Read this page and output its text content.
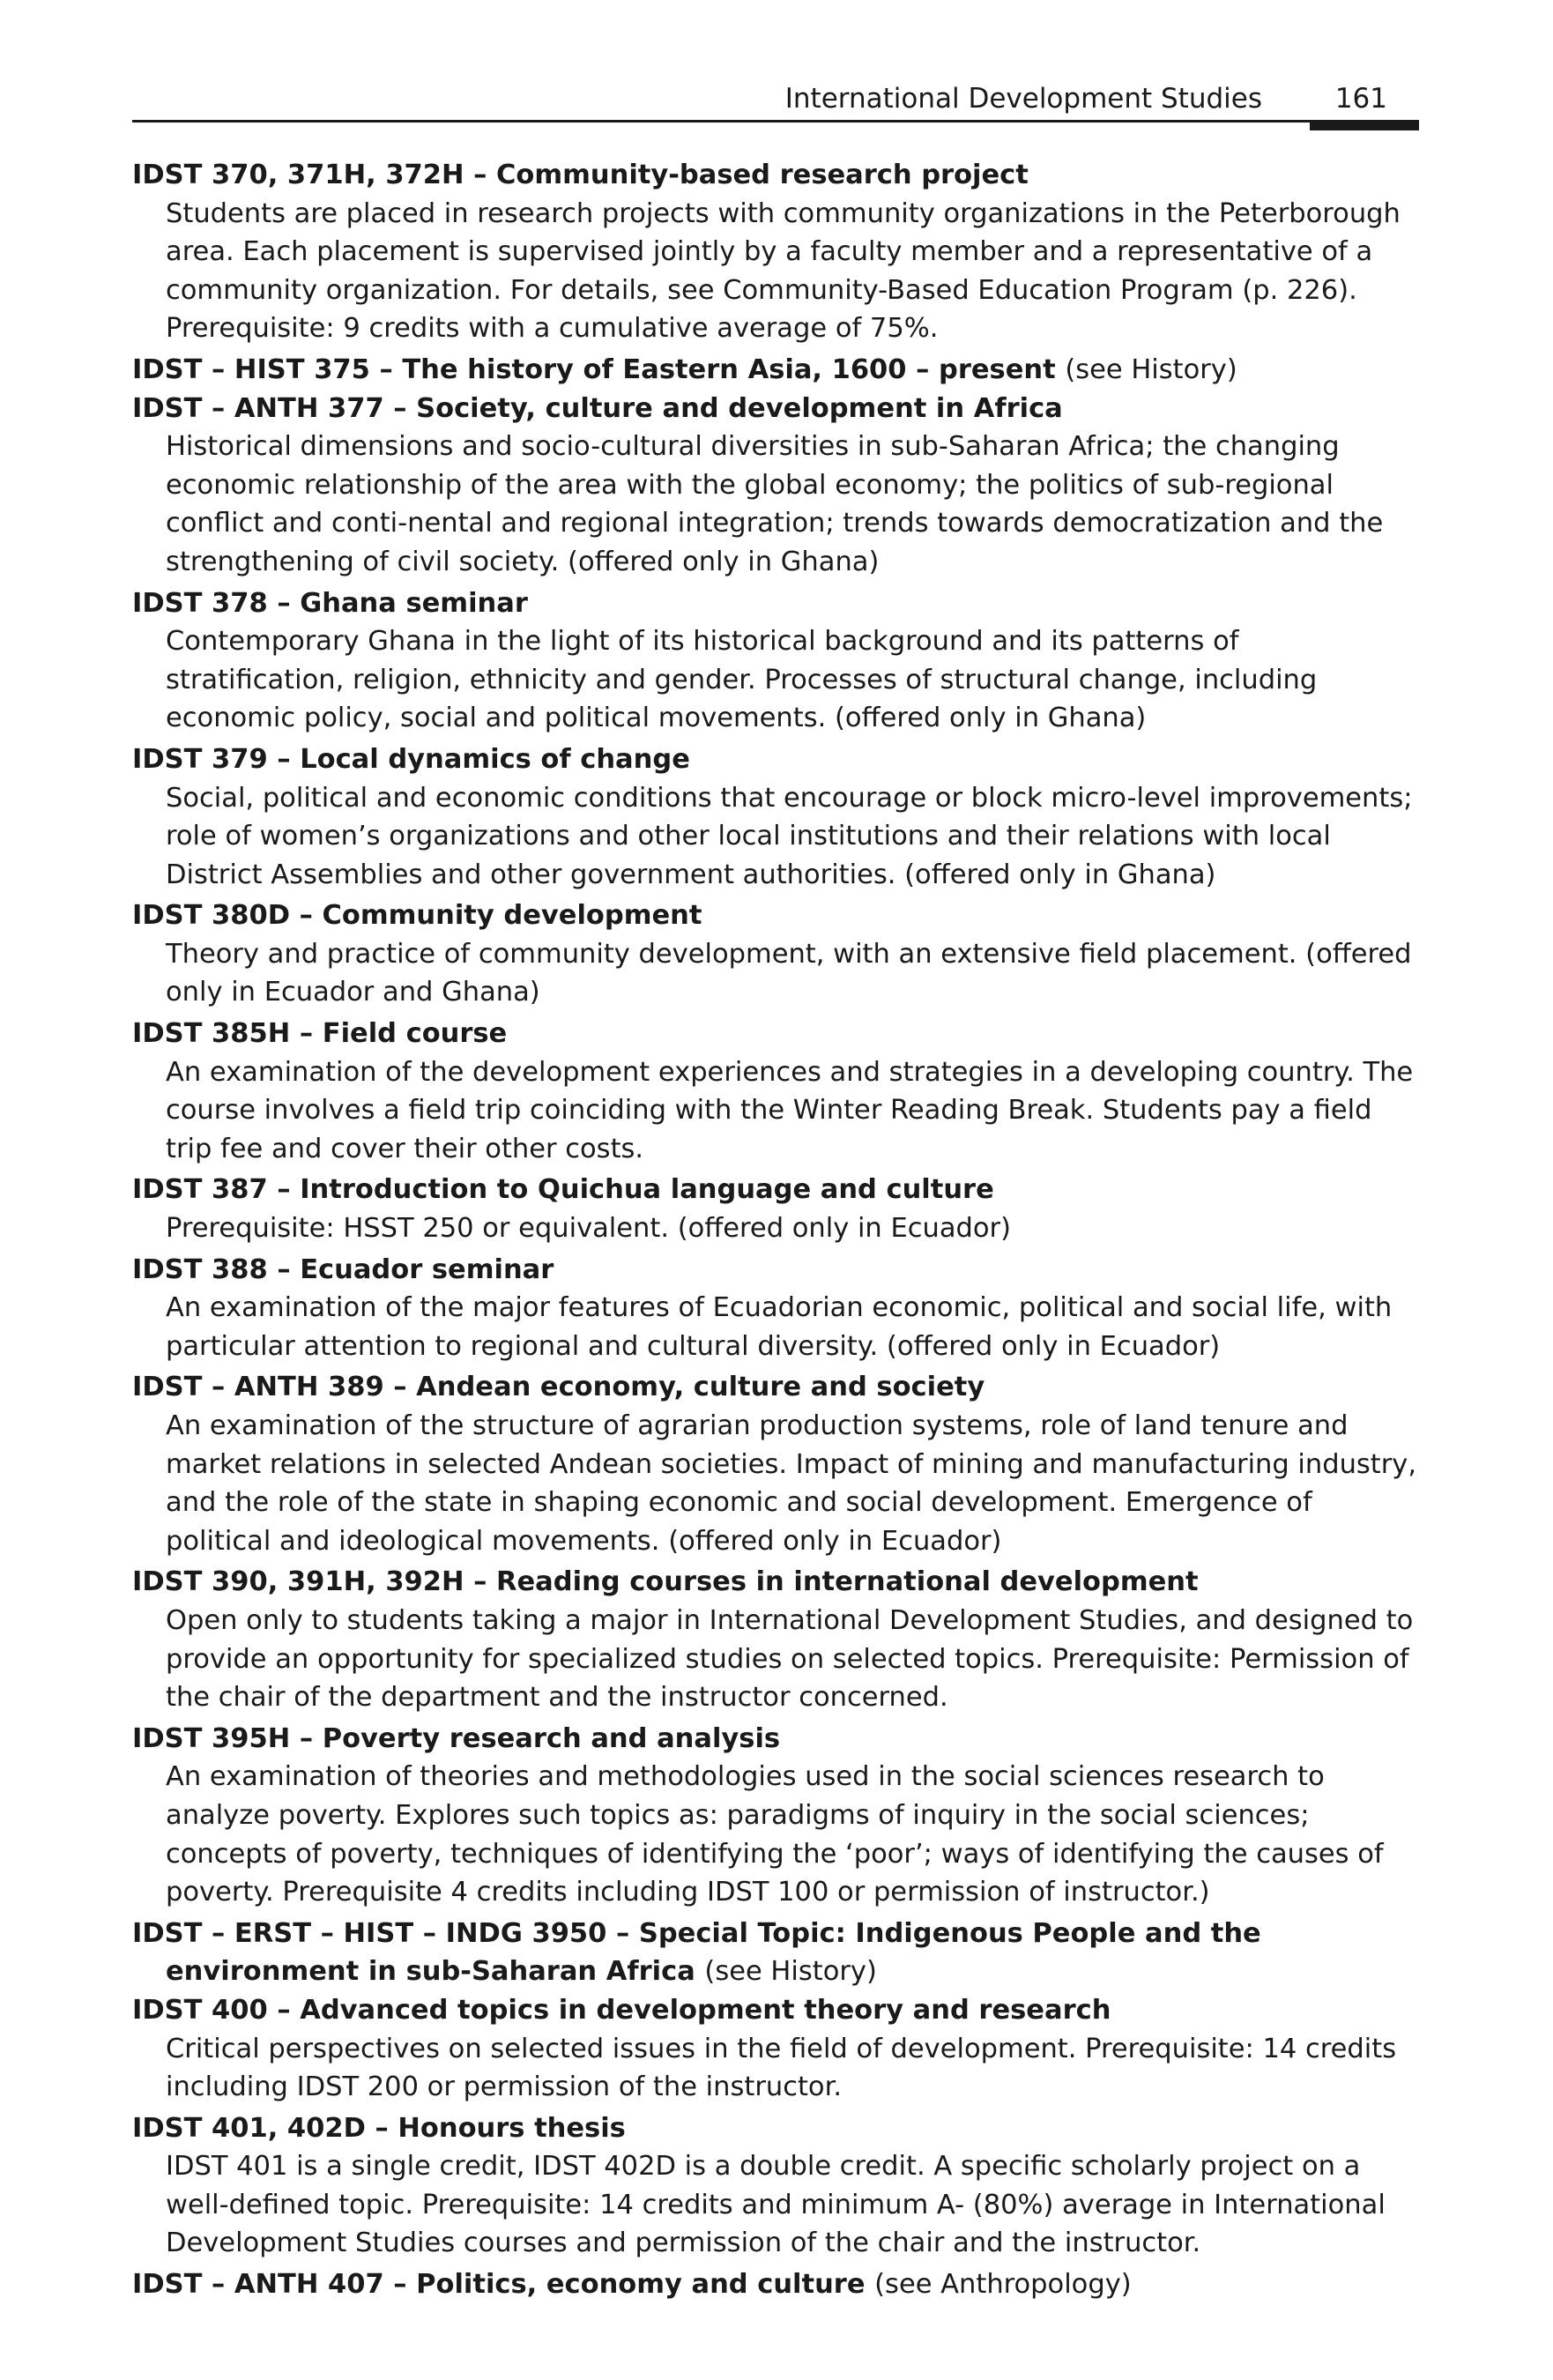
International Development Studies	161

IDST 370, 371H, 372H – Community-based research project

Students are placed in research projects with community organizations in the Peterborough area. Each placement is supervised jointly by a faculty member and a representative of a community organization. For details, see Community-Based Education Program (p. 226). Prerequisite: 9 credits with a cumulative average of 75%.

IDST – HIST 375 – The history of Eastern Asia, 1600 – present (see History)

IDST – ANTH 377 – Society, culture and development in Africa

Historical dimensions and socio-cultural diversities in sub-Saharan Africa; the changing economic relationship of the area with the global economy; the politics of sub-regional conflict and conti-nental and regional integration; trends towards democratization and the strengthening of civil society. (offered only in Ghana)

IDST 378 – Ghana seminar

Contemporary Ghana in the light of its historical background and its patterns of stratification, religion, ethnicity and gender. Processes of structural change, including economic policy, social and political movements. (offered only in Ghana)

IDST 379 – Local dynamics of change

Social, political and economic conditions that encourage or block micro-level improvements; role of women’s organizations and other local institutions and their relations with local District Assemblies and other government authorities. (offered only in Ghana)

IDST 380D – Community development

Theory and practice of community development, with an extensive field placement. (offered only in Ecuador and Ghana)

IDST 385H – Field course

An examination of the development experiences and strategies in a developing country. The course involves a field trip coinciding with the Winter Reading Break. Students pay a field trip fee and cover their other costs.

IDST 387 – Introduction to Quichua language and culture

Prerequisite: HSST 250 or equivalent. (offered only in Ecuador)

IDST 388 – Ecuador seminar

An examination of the major features of Ecuadorian economic, political and social life, with particular attention to regional and cultural diversity. (offered only in Ecuador)

IDST – ANTH 389 – Andean economy, culture and society

An examination of the structure of agrarian production systems, role of land tenure and market relations in selected Andean societies. Impact of mining and manufacturing industry, and the role of the state in shaping economic and social development. Emergence of political and ideological movements. (offered only in Ecuador)

IDST 390, 391H, 392H – Reading courses in international development

Open only to students taking a major in International Development Studies, and designed to provide an opportunity for specialized studies on selected topics. Prerequisite: Permission of the chair of the department and the instructor concerned.

IDST 395H – Poverty research and analysis

An examination of theories and methodologies used in the social sciences research to analyze poverty. Explores such topics as: paradigms of inquiry in the social sciences; concepts of poverty, techniques of identifying the ‘poor’; ways of identifying the causes of poverty. Prerequisite 4 credits including IDST 100 or permission of instructor.)

IDST – ERST – HIST – INDG 3950 – Special Topic: Indigenous People and the environment in sub-Saharan Africa (see History)

IDST 400 – Advanced topics in development theory and research

Critical perspectives on selected issues in the field of development. Prerequisite: 14 credits including IDST 200 or permission of the instructor.

IDST 401, 402D – Honours thesis

IDST 401 is a single credit, IDST 402D is a double credit. A specific scholarly project on a well-defined topic. Prerequisite: 14 credits and minimum A- (80%) average in International Development Studies courses and permission of the chair and the instructor.

IDST – ANTH 407 – Politics, economy and culture (see Anthropology)
